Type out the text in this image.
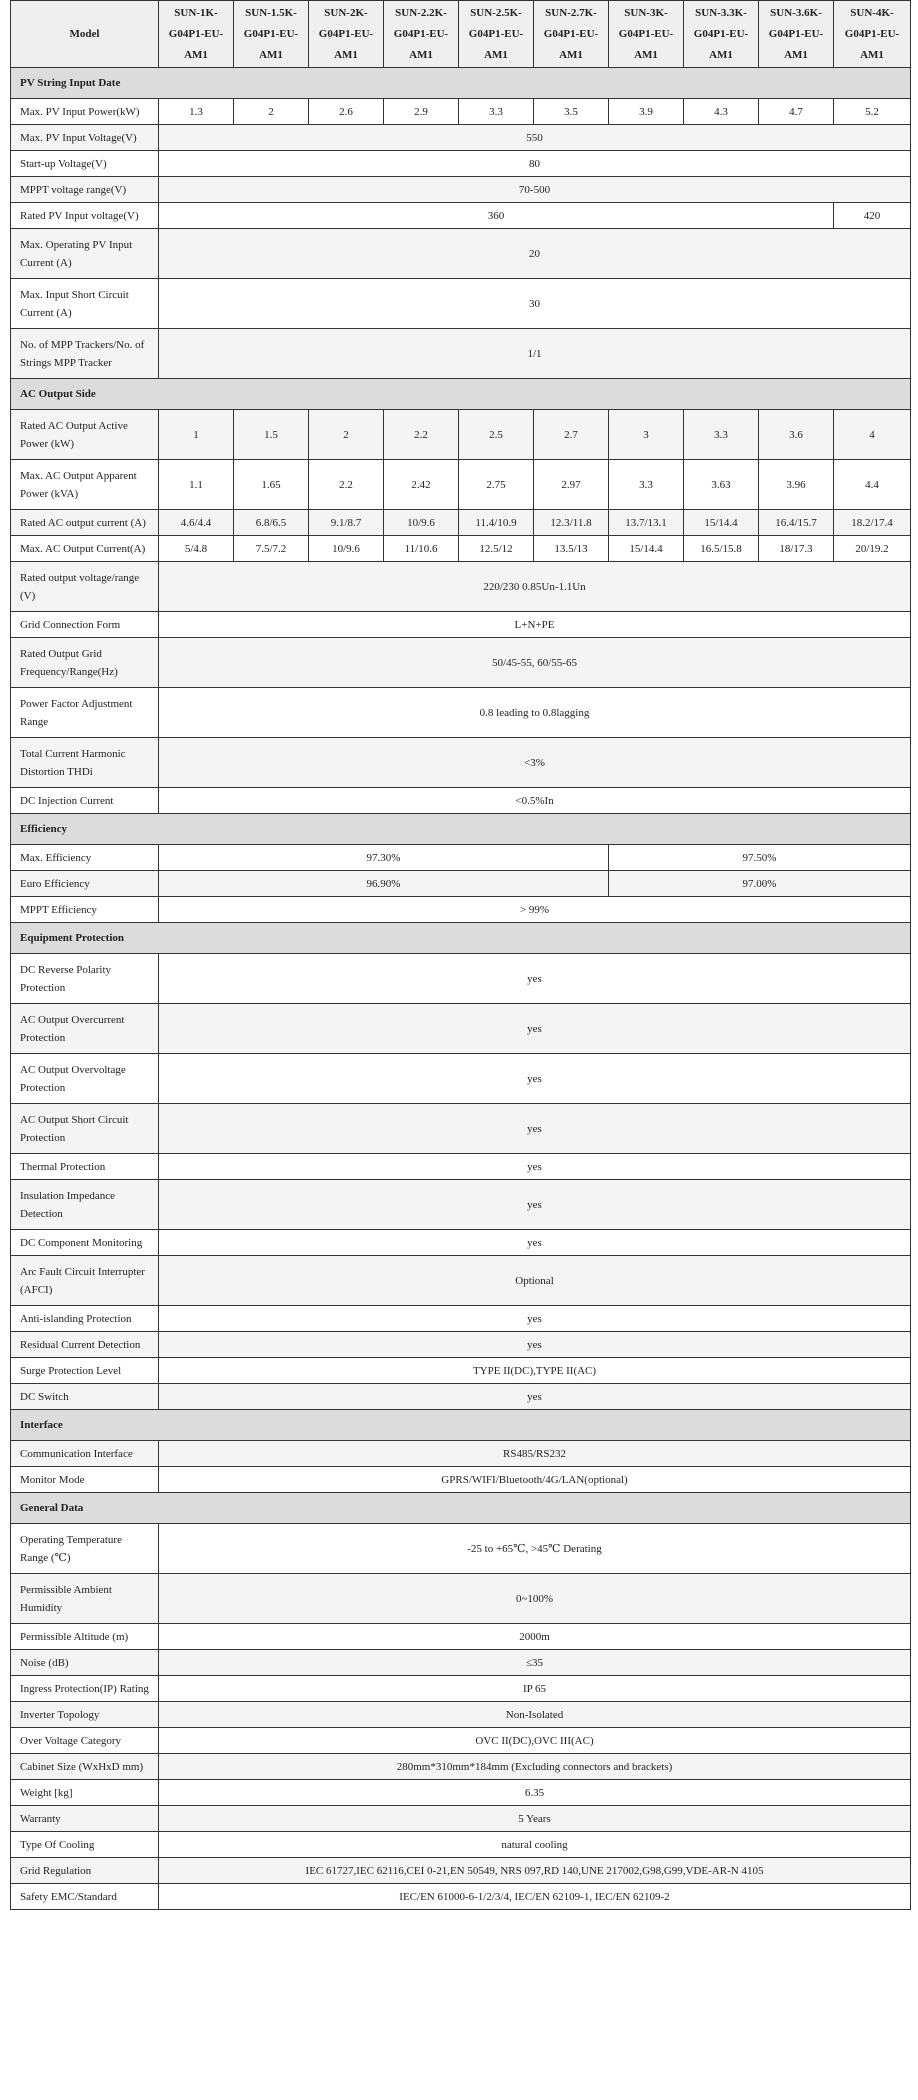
Model	SUN-1K-
G04P1-EU-
AM1	SUN-1.5K-
G04P1-EU-
AM1	SUN-2K-
G04P1-EU-
AM1	SUN-2.2K-
G04P1-EU-
AM1	SUN-2.5K-
G04P1-EU-
AM1	SUN-2.7K-
G04P1-EU-
AM1	SUN-3K-
G04P1-EU-
AM1	SUN-3.3K-
G04P1-EU-
AM1	SUN-3.6K-
G04P1-EU-
AM1	SUN-4K-
G04P1-EU-
AM1

PV String Input Date										
Max. PV Input Power(kW)	1.3	2	2.6	2.9	3.3	3.5	3.9	4.3	4.7	5.2
Max. PV Input Voltage(V)	550									
Start-up Voltage(V)	80									
MPPT voltage range(V)	70-500									
Rated PV Input voltage(V)	360									420
Max. Operating PV Input Current (A)	20									
Max. Input Short Circuit Current (A)	30									
No. of MPP Trackers/No. of Strings MPP Tracker	1/1									
AC Output Side										
Rated AC Output Active Power (kW)	1	1.5	2	2.2	2.5	2.7	3	3.3	3.6	4
Max. AC Output Apparent Power (kVA)	1.1	1.65	2.2	2.42	2.75	2.97	3.3	3.63	3.96	4.4
Rated AC output current (A)	4.6/4.4	6.8/6.5	9.1/8.7	10/9.6	11.4/10.9	12.3/11.8	13.7/13.1	15/14.4	16.4/15.7	18.2/17.4
Max. AC Output Current(A)	5/4.8	7.5/7.2	10/9.6	11/10.6	12.5/12	13.5/13	15/14.4	16.5/15.8	18/17.3	20/19.2
Rated output voltage/range (V)	220/230 0.85Un-1.1Un									
Grid Connection Form	L+N+PE									
Rated Output Grid Frequency/Range(Hz)	50/45-55, 60/55-65									
Power Factor Adjustment Range	0.8 leading to 0.8lagging									
Total Current Harmonic Distortion THDi	<3%									
DC Injection Current	<0.5%In									
Efficiency										
Max. Efficiency	97.30%						97.50%			
Euro Efficiency	96.90%						97.00%			
MPPT Efficiency	> 99%									
Equipment Protection										
DC Reverse Polarity Protection	yes									
AC Output Overcurrent Protection	yes									
AC Output Overvoltage Protection	yes									
AC Output Short Circuit Protection	yes									
Thermal Protection	yes									
Insulation Impedance Detection	yes									
DC Component Monitoring	yes									
Arc Fault Circuit Interrupter (AFCI)	Optional									
Anti-islanding Protection	yes									
Residual Current Detection	yes									
Surge Protection Level	TYPE II(DC),TYPE II(AC)									
DC Switch	yes									
Interface										
Communication Interface	RS485/RS232									
Monitor Mode	GPRS/WIFI/Bluetooth/4G/LAN(optional)									
General Data										
Operating Temperature Range (℃)	-25 to +65℃, >45℃ Derating									
Permissible Ambient Humidity	0~100%									
Permissible Altitude (m)	2000m									
Noise (dB)	≤35									
Ingress Protection(IP) Rating	IP 65									
Inverter Topology	Non-Isolated									
Over Voltage Category	OVC II(DC),OVC III(AC)									
Cabinet Size (WxHxD mm)	280mm*310mm*184mm (Excluding connectors and brackets)									
Weight [kg]	6.35									
Warranty	5 Years									
Type Of Cooling	natural cooling									
Grid Regulation	IEC 61727,IEC 62116,CEI 0-21,EN 50549, NRS 097,RD 140,UNE 217002,G98,G99,VDE-AR-N 4105									
Safety EMC/Standard	IEC/EN 61000-6-1/2/3/4, IEC/EN 62109-1, IEC/EN 62109-2									
